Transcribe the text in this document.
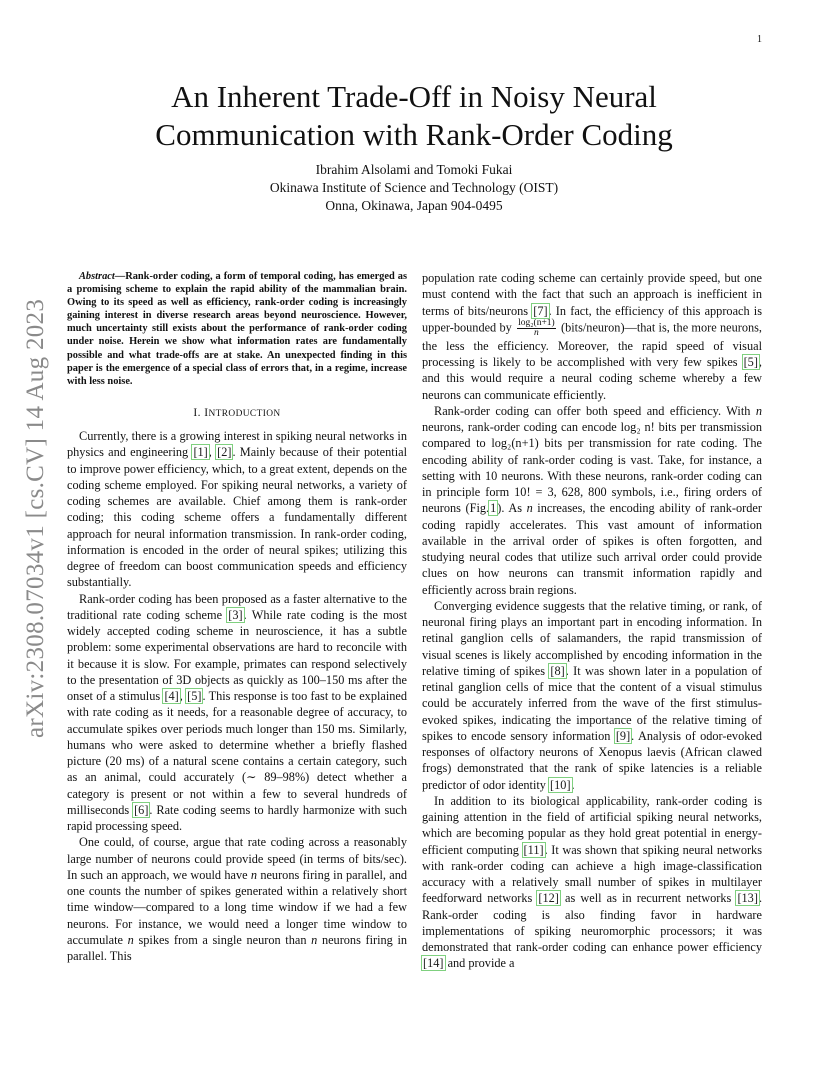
1
arXiv:2308.07034v1 [cs.CV] 14 Aug 2023
An Inherent Trade-Off in Noisy Neural Communication with Rank-Order Coding
Ibrahim Alsolami and Tomoki Fukai
Okinawa Institute of Science and Technology (OIST)
Onna, Okinawa, Japan 904-0495

Abstract—Rank-order coding, a form of temporal coding, has emerged as a promising scheme to explain the rapid ability of the mammalian brain. Owing to its speed as well as efficiency, rank-order coding is increasingly gaining interest in diverse research areas beyond neuroscience. However, much uncertainty still exists about the performance of rank-order coding under noise. Herein we show what information rates are fundamentally possible and what trade-offs are at stake. An unexpected finding in this paper is the emergence of a special class of errors that, in a regime, increase with less noise.

I. INTRODUCTION

Currently, there is a growing interest in spiking neural networks in physics and engineering [1], [2]. Mainly because of their potential to improve power efficiency, which, to a great extent, depends on the coding scheme employed. For spiking neural networks, a variety of coding schemes are available. Chief among them is rank-order coding; this coding scheme offers a fundamentally different approach for neural information transmission. In rank-order coding, information is encoded in the order of neural spikes; utilizing this degree of freedom can boost communication speeds and efficiency substantially.

Rank-order coding has been proposed as a faster alternative to the traditional rate coding scheme [3]. While rate coding is the most widely accepted coding scheme in neuroscience, it has a subtle problem: some experimental observations are hard to reconcile with it because it is slow. For example, primates can respond selectively to the presentation of 3D objects as quickly as 100–150 ms after the onset of a stimulus [4], [5]. This response is too fast to be explained with rate coding as it needs, for a reasonable degree of accuracy, to accumulate spikes over periods much longer than 150 ms. Similarly, humans who were asked to determine whether a briefly flashed picture (20 ms) of a natural scene contains a certain category, such as an animal, could accurately (∼ 89–98%) detect whether a category is present or not within a few to several hundreds of milliseconds [6]. Rate coding seems to hardly harmonize with such rapid processing speed.

One could, of course, argue that rate coding across a reasonably large number of neurons could provide speed (in terms of bits/sec). In such an approach, we would have n neurons firing in parallel, and one counts the number of spikes generated within a relatively short time window—compared to a long time window if we had a few neurons. For instance, we would need a longer time window to accumulate n spikes from a single neuron than n neurons firing in parallel. This

population rate coding scheme can certainly provide speed, but one must contend with the fact that such an approach is inefficient in terms of bits/neurons [7]. In fact, the efficiency of this approach is upper-bounded by $\frac{\text{log₂(n+1)}}{n}$ (bits/neuron)—that is, the more neurons, the less the efficiency. Moreover, the rapid speed of visual processing is likely to be accomplished with very few spikes [5], and this would require a neural coding scheme whereby a few neurons can communicate efficiently.

Rank-order coding can offer both speed and efficiency. With n neurons, rank-order coding can encode log₂ n! bits per transmission compared to log₂(n+1) bits per transmission for rate coding. The encoding ability of rank-order coding is vast. Take, for instance, a setting with 10 neurons. With these neurons, rank-order coding can in principle form 10! = 3, 628, 800 symbols, i.e., firing orders of neurons (Fig.1). As n increases, the encoding ability of rank-order coding rapidly accelerates. This vast amount of information available in the arrival order of spikes is often forgotten, and studying neural codes that utilize such arrival order could provide clues on how neurons can transmit information rapidly and efficiently across brain regions.

Converging evidence suggests that the relative timing, or rank, of neuronal firing plays an important part in encoding information. In retinal ganglion cells of salamanders, the rapid transmission of visual scenes is likely accomplished by encoding information in the relative timing of spikes [8]. It was shown later in a population of retinal ganglion cells of mice that the content of a visual stimulus could be accurately inferred from the wave of the first stimulus-evoked spikes, indicating the importance of the relative timing of spikes to encode sensory information [9]. Analysis of odor-evoked responses of olfactory neurons of Xenopus laevis (African clawed frogs) demonstrated that the rank of spike latencies is a reliable predictor of odor identity [10].

In addition to its biological applicability, rank-order coding is gaining attention in the field of artificial spiking neural networks, which are becoming popular as they hold great potential in energy-efficient computing [11]. It was shown that spiking neural networks with rank-order coding can achieve a high image-classification accuracy with a relatively small number of spikes in multilayer feedforward networks [12] as well as in recurrent networks [13]. Rank-order coding is also finding favor in hardware implementations of spiking neuromorphic processors; it was demonstrated that rank-order coding can enhance power efficiency [14] and provide a
